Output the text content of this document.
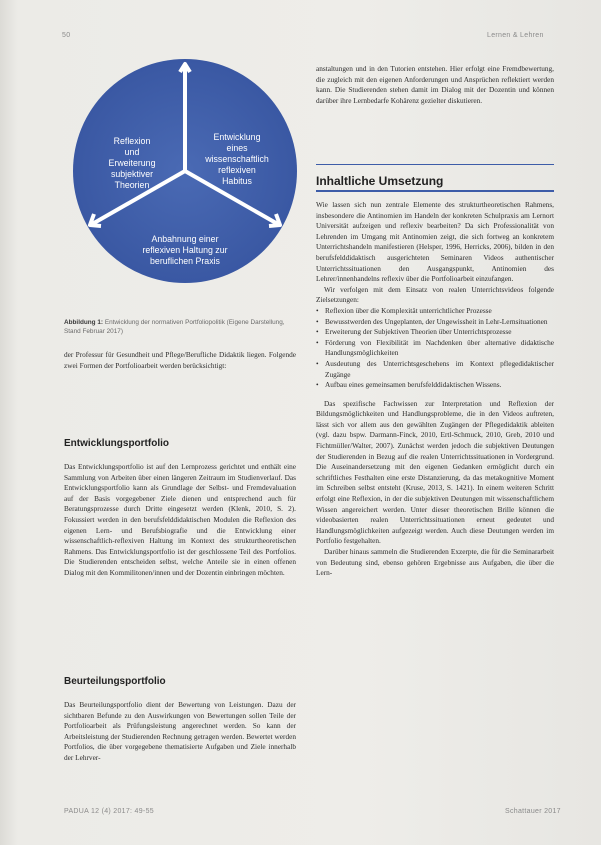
50	Lernen & Lehren
Reflexion und Erweiterung subjektiver Theorien
Entwicklung eines wissenschaftlich reflexiven Habitus
Anbahnung einer reflexiven Haltung zur beruflichen Praxis
Abbildung 1: Entwicklung der normativen Portfoliopolitik (Eigene Darstellung, Stand Februar 2017)

der Professur für Gesundheit und Pflege/Berufliche Didaktik liegen. Folgende zwei Formen der Portfolioarbeit werden berücksichtigt:

Entwicklungsportfolio

Das Entwicklungsportfolio ist auf den Lernprozess gerichtet und enthält eine Sammlung von Arbeiten über einen längeren Zeitraum im Studienverlauf. Das Entwicklungsportfolio kann als Grundlage der Selbst- und Fremdevaluation auf der Basis vorgegebener Ziele dienen und entsprechend auch für Beratungsprozesse durch Dritte eingesetzt werden (Klenk, 2010, S. 2). Fokussiert werden in den berufsfelddidaktischen Modulen die Reflexion des eigenen Lern- und Berufsbiografie und die Entwicklung einer wissenschaftlich-reflexiven Haltung im Kontext des strukturtheoretischen Rahmens. Das Entwicklungsportfolio ist der geschlossene Teil des Portfolios. Die Studierenden entscheiden selbst, welche Anteile sie in einen offenen Dialog mit den Kommilitonen/innen und der Dozentin einbringen möchten.

Beurteilungsportfolio

Das Beurteilungsportfolio dient der Bewertung von Leistungen. Dazu der sichtbaren Befunde zu den Auswirkungen von Bewertungen sollen Teile der Portfolioarbeit als Prüfungsleistung angerechnet werden. So kann der Arbeitsleistung der Studierenden Rechnung getragen werden. Bewertet werden Portfolios, die über vorgegebene thematisierte Aufgaben und Ziele innerhalb der Lehrver-

anstaltungen und in den Tutorien entstehen. Hier erfolgt eine Fremdbewertung, die zugleich mit den eigenen Anforderungen und Ansprüchen reflektiert werden kann. Die Studierenden stehen damit im Dialog mit der Dozentin und können darüber ihre Lernbedarfe Kohärenz gezielter diskutieren.

Inhaltliche Umsetzung

Wie lassen sich nun zentrale Elemente des strukturtheoretischen Rahmens, insbesondere die Antinomien im Handeln der konkreten Schulpraxis am Lernort Universität aufzeigen und reflexiv bearbeiten? Da sich Professionalität von Lehrenden im Umgang mit Antinomien zeigt, die sich fortweg an konkretem Unterrichtshandeln manifestieren (Helsper, 1996, Herricks, 2006), bilden in den berufsfelddidaktisch ausgerichteten Seminaren Videos authentischer Unterrichtssituationen den Ausgangspunkt, Antinomien des Lehrer/innenhandelns reflexiv über die Portfolioarbeit einzufangen.

Wir verfolgen mit dem Einsatz von realen Unterrichtsvideos folgende Zielsetzungen:

• Reflexion über die Komplexität unterrichtlicher Prozesse
• Bewusstwerden des Ungeplanten, der Ungewissheit in Lehr-Lernsituationen
• Erweiterung der Subjektiven Theorien über Unterrichtsprozesse
• Förderung von Flexibilität im Nachdenken über alternative didaktische Handlungsmöglichkeiten
• Ausdeutung des Unterrichtsgeschehens im Kontext pflegedidaktischer Zugänge
• Aufbau eines gemeinsamen berufsfelddidaktischen Wissens.

Das spezifische Fachwissen zur Interpretation und Reflexion der Bildungsmöglichkeiten und Handlungsprobleme, die in den Videos auftreten, lässt sich vor allem aus den gewählten Zugängen der Pflegedidaktik ableiten (vgl. dazu bspw. Darmann-Finck, 2010, Ertl-Schmuck, 2010, Greb, 2010 und Fichtmüller/Walter, 2007). Zunächst werden jedoch die subjektiven Deutungen der Studierenden in Bezug auf die realen Unterrichtssituationen in Vordergrund. Die Auseinandersetzung mit den eigenen Gedanken ermöglicht durch ein schriftliches Festhalten eine erste Distanzierung, da das metakognitive Moment im Schreiben selbst entsteht (Kruse, 2013, S. 1421). In einem weiteren Schritt erfolgt eine Reflexion, in der die subjektiven Deutungen mit wissenschaftlichem Wissen angereichert werden. Unter dieser theoretischen Brille können die videobasierten realen Unterrichtssituationen erneut gedeutet und Handlungsmöglichkeiten aufgezeigt werden. Auch diese Deutungen werden im Portfolio festgehalten.

Darüber hinaus sammeln die Studierenden Exzerpte, die für die Seminararbeit von Bedeutung sind, ebenso gehören Ergebnisse aus Aufgaben, die über die Lern-

PADUA 12 (4) 2017: 49-55	Schattauer 2017
